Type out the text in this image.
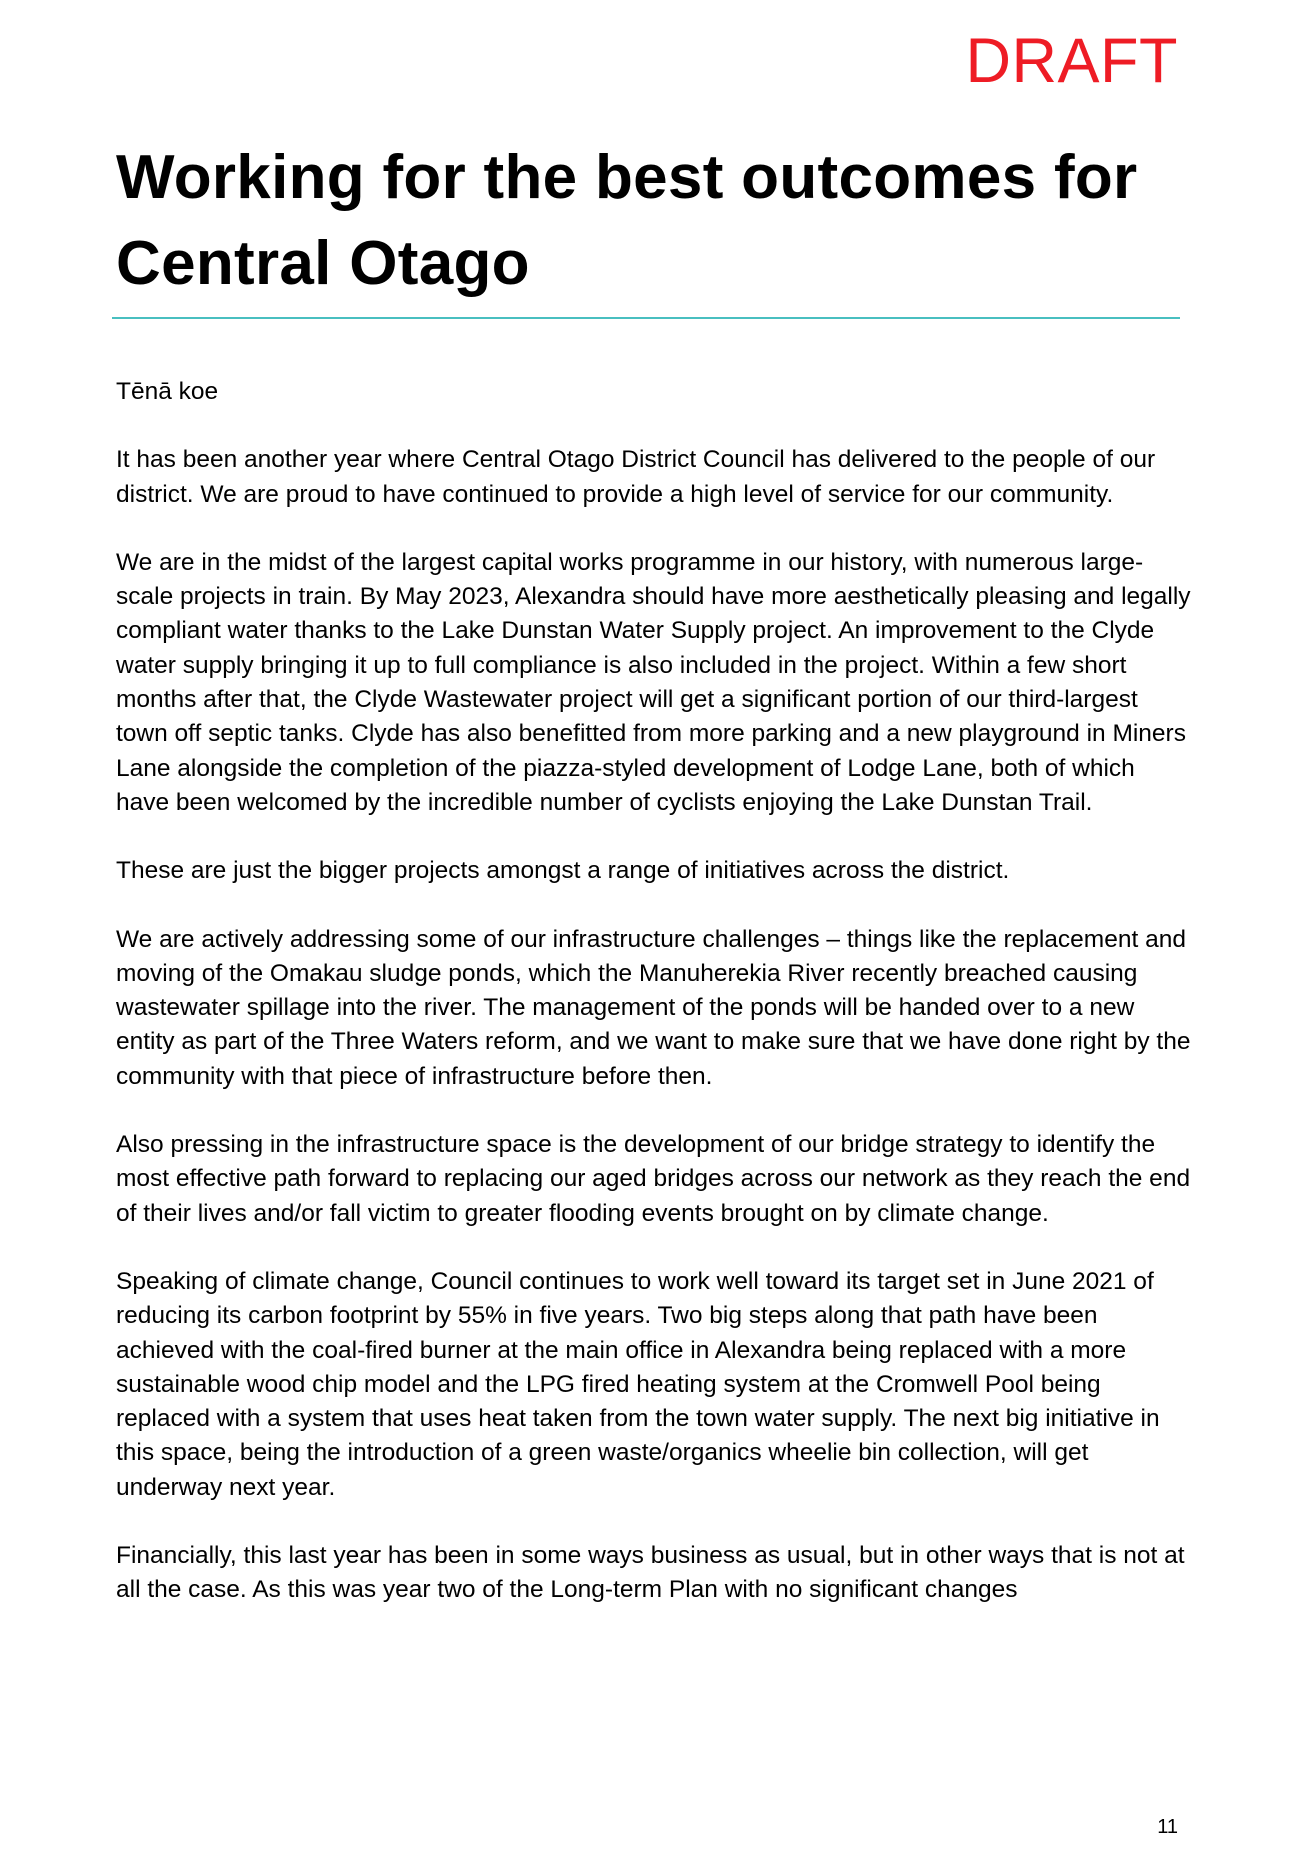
DRAFT
Working for the best outcomes for Central Otago

Tēnā koe

It has been another year where Central Otago District Council has delivered to the people of our district. We are proud to have continued to provide a high level of service for our community.

We are in the midst of the largest capital works programme in our history, with numerous large-scale projects in train. By May 2023, Alexandra should have more aesthetically pleasing and legally compliant water thanks to the Lake Dunstan Water Supply project. An improvement to the Clyde water supply bringing it up to full compliance is also included in the project. Within a few short months after that, the Clyde Wastewater project will get a significant portion of our third-largest town off septic tanks. Clyde has also benefitted from more parking and a new playground in Miners Lane alongside the completion of the piazza-styled development of Lodge Lane, both of which have been welcomed by the incredible number of cyclists enjoying the Lake Dunstan Trail.

These are just the bigger projects amongst a range of initiatives across the district.

We are actively addressing some of our infrastructure challenges – things like the replacement and moving of the Omakau sludge ponds, which the Manuherekia River recently breached causing wastewater spillage into the river. The management of the ponds will be handed over to a new entity as part of the Three Waters reform, and we want to make sure that we have done right by the community with that piece of infrastructure before then.

Also pressing in the infrastructure space is the development of our bridge strategy to identify the most effective path forward to replacing our aged bridges across our network as they reach the end of their lives and/or fall victim to greater flooding events brought on by climate change.

Speaking of climate change, Council continues to work well toward its target set in June 2021 of reducing its carbon footprint by 55% in five years. Two big steps along that path have been achieved with the coal-fired burner at the main office in Alexandra being replaced with a more sustainable wood chip model and the LPG fired heating system at the Cromwell Pool being replaced with a system that uses heat taken from the town water supply. The next big initiative in this space, being the introduction of a green waste/organics wheelie bin collection, will get underway next year.

Financially, this last year has been in some ways business as usual, but in other ways that is not at all the case. As this was year two of the Long-term Plan with no significant changes

11
